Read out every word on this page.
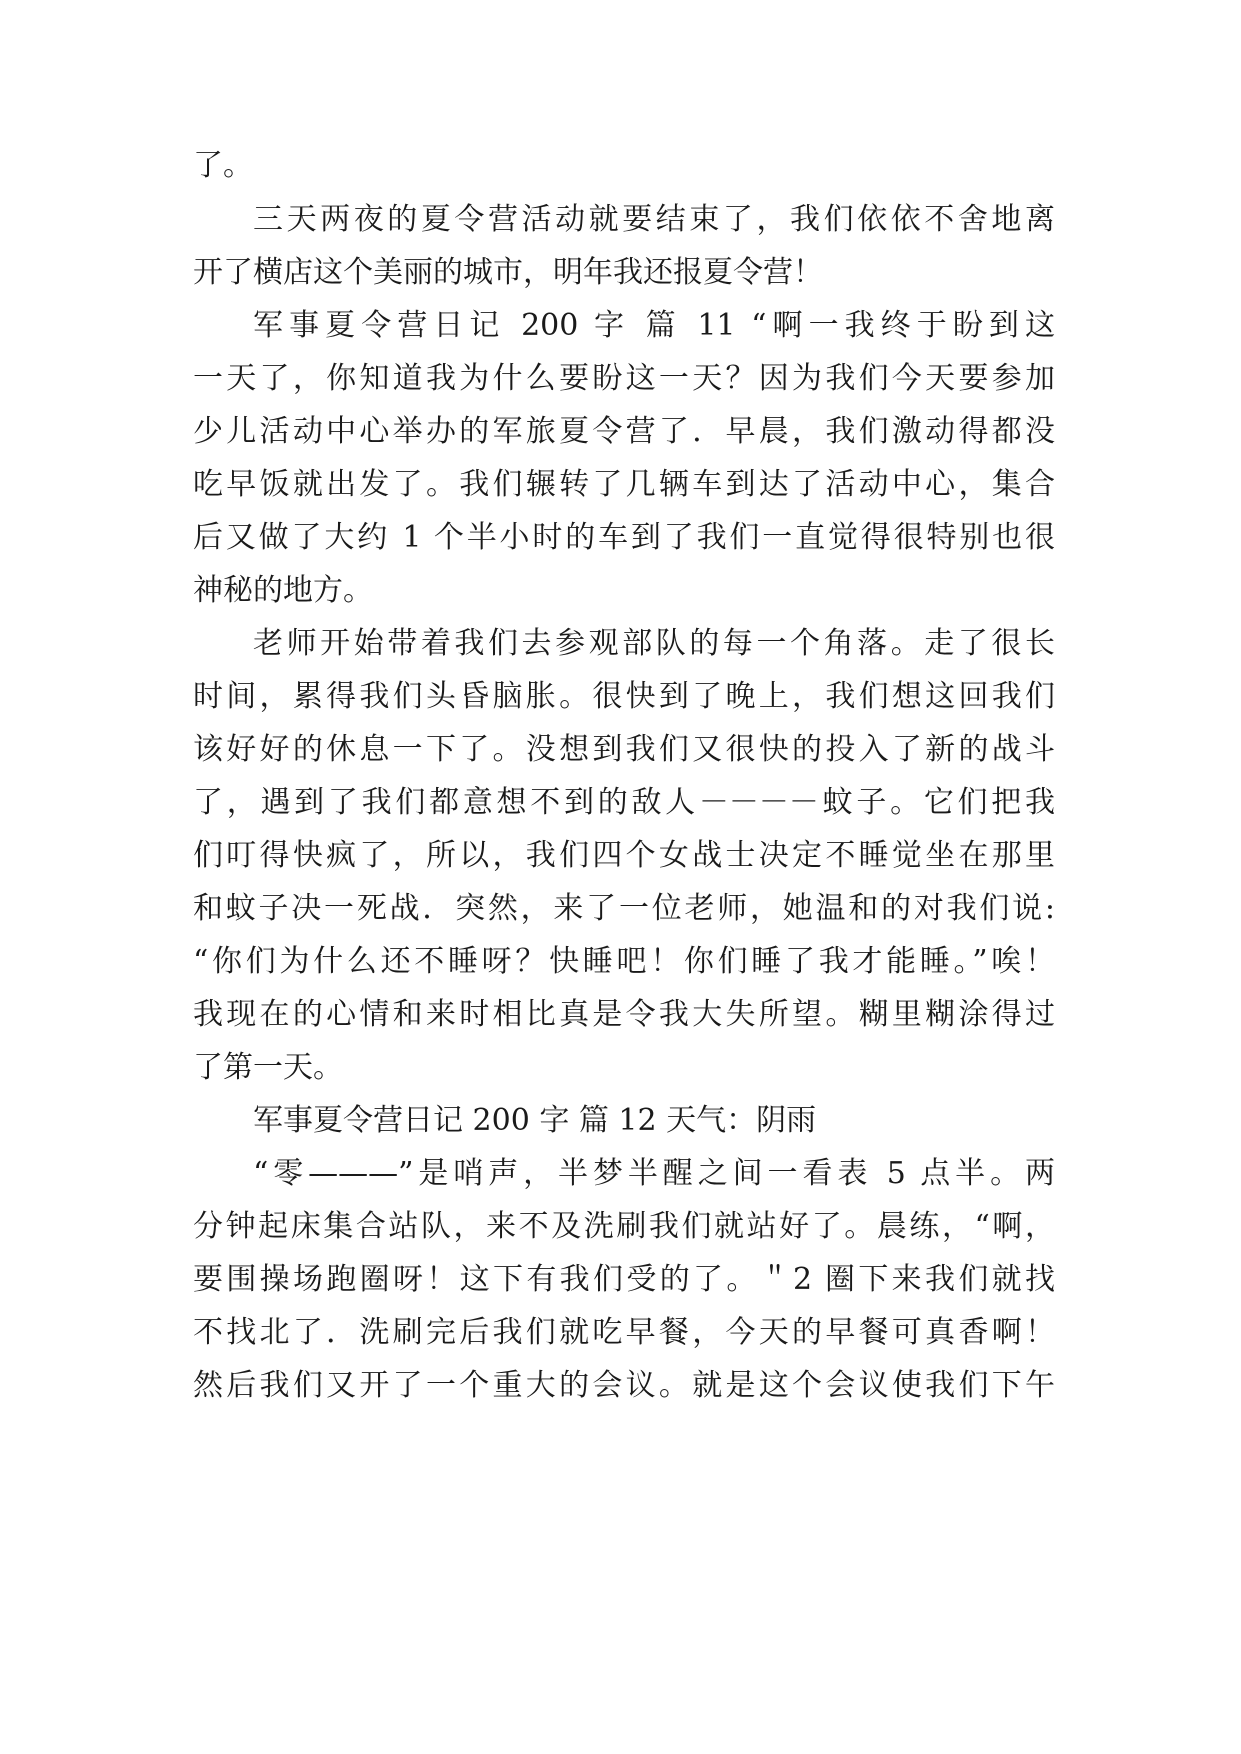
了。
三天两夜的夏令营活动就要结束了，我们依依不舍地离
开了横店这个美丽的城市，明年我还报夏令营！
军事夏令营日记 200 字 篇 11 “啊一我终于盼到这
一天了，你知道我为什么要盼这一天？因为我们今天要参加
少儿活动中心举办的军旅夏令营了．早晨，我们激动得都没
吃早饭就出发了。我们辗转了几辆车到达了活动中心，集合
后又做了大约 1 个半小时的车到了我们一直觉得很特别也很
神秘的地方。
老师开始带着我们去参观部队的每一个角落。走了很长
时间，累得我们头昏脑胀。很快到了晚上，我们想这回我们
该好好的休息一下了。没想到我们又很快的投入了新的战斗
了，遇到了我们都意想不到的敌人－－－－蚊子。它们把我
们叮得快疯了，所以，我们四个女战士决定不睡觉坐在那里
和蚊子决一死战．突然，来了一位老师，她温和的对我们说:
“你们为什么还不睡呀？快睡吧！你们睡了我才能睡。”唉！
我现在的心情和来时相比真是令我大失所望。糊里糊涂得过
了第一天。
军事夏令营日记 200 字 篇 12 天气：阴雨
“零———”是哨声，半梦半醒之间一看表 5 点半。两
分钟起床集合站队，来不及洗刷我们就站好了。晨练，“啊，
要围操场跑圈呀！这下有我们受的了。＂2 圈下来我们就找
不找北了．洗刷完后我们就吃早餐，今天的早餐可真香啊！
然后我们又开了一个重大的会议。就是这个会议使我们下午
